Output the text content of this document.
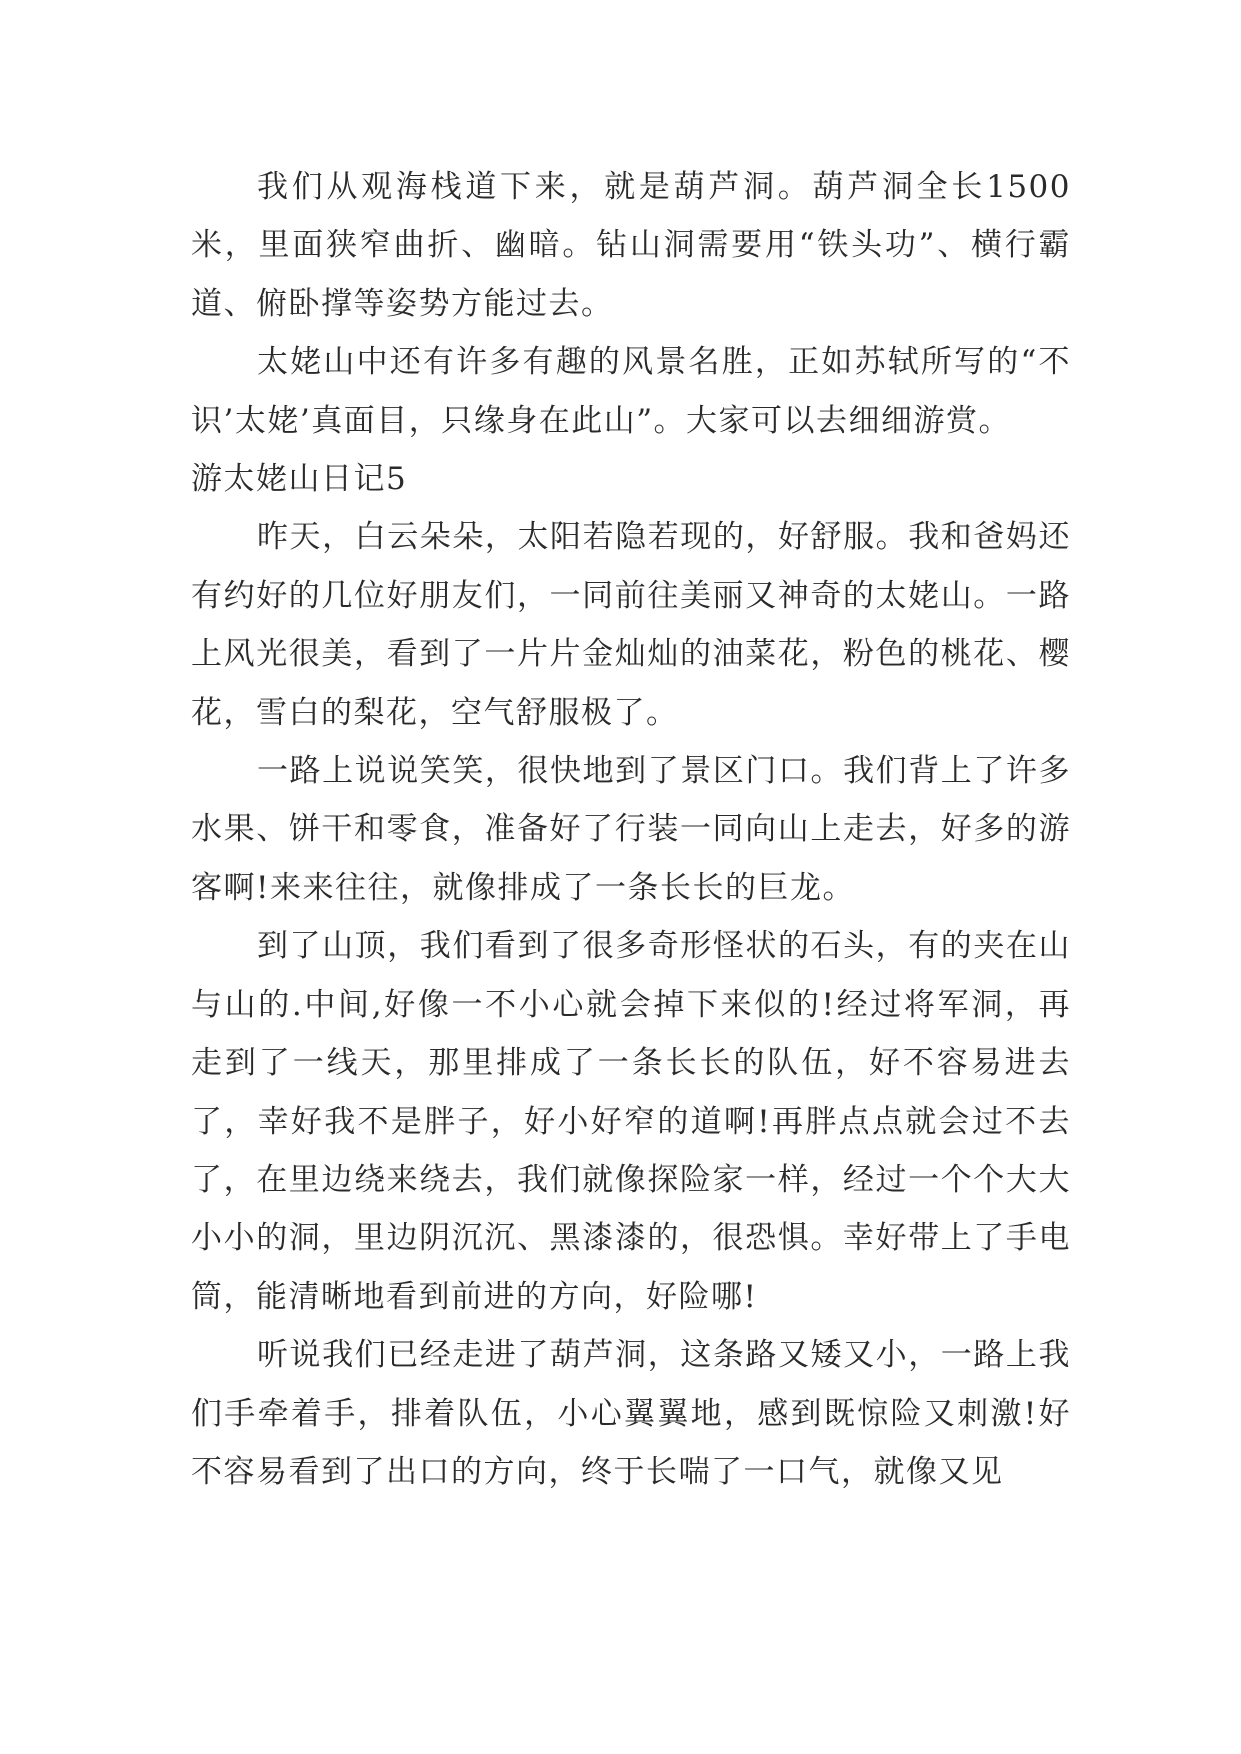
我们从观海栈道下来，就是葫芦洞。葫芦洞全长1500米，里面狭窄曲折、幽暗。钻山洞需要用“铁头功”、横行霸道、俯卧撑等姿势方能过去。

太姥山中还有许多有趣的风景名胜，正如苏轼所写的“不识’太姥’真面目，只缘身在此山”。大家可以去细细游赏。

游太姥山日记5

昨天，白云朵朵，太阳若隐若现的，好舒服。我和爸妈还有约好的几位好朋友们，一同前往美丽又神奇的太姥山。一路上风光很美，看到了一片片金灿灿的油菜花，粉色的桃花、樱花，雪白的梨花，空气舒服极了。

一路上说说笑笑，很快地到了景区门口。我们背上了许多水果、饼干和零食，准备好了行装一同向山上走去，好多的游客啊!来来往往，就像排成了一条长长的巨龙。

到了山顶，我们看到了很多奇形怪状的石头，有的夹在山与山的.中间,好像一不小心就会掉下来似的!经过将军洞，再走到了一线天，那里排成了一条长长的队伍，好不容易进去了，幸好我不是胖子，好小好窄的道啊!再胖点点就会过不去了，在里边绕来绕去，我们就像探险家一样，经过一个个大大小小的洞，里边阴沉沉、黑漆漆的，很恐惧。幸好带上了手电筒，能清晰地看到前进的方向，好险哪!

听说我们已经走进了葫芦洞，这条路又矮又小，一路上我们手牵着手，排着队伍，小心翼翼地，感到既惊险又刺激!好不容易看到了出口的方向，终于长喘了一口气，就像又见
